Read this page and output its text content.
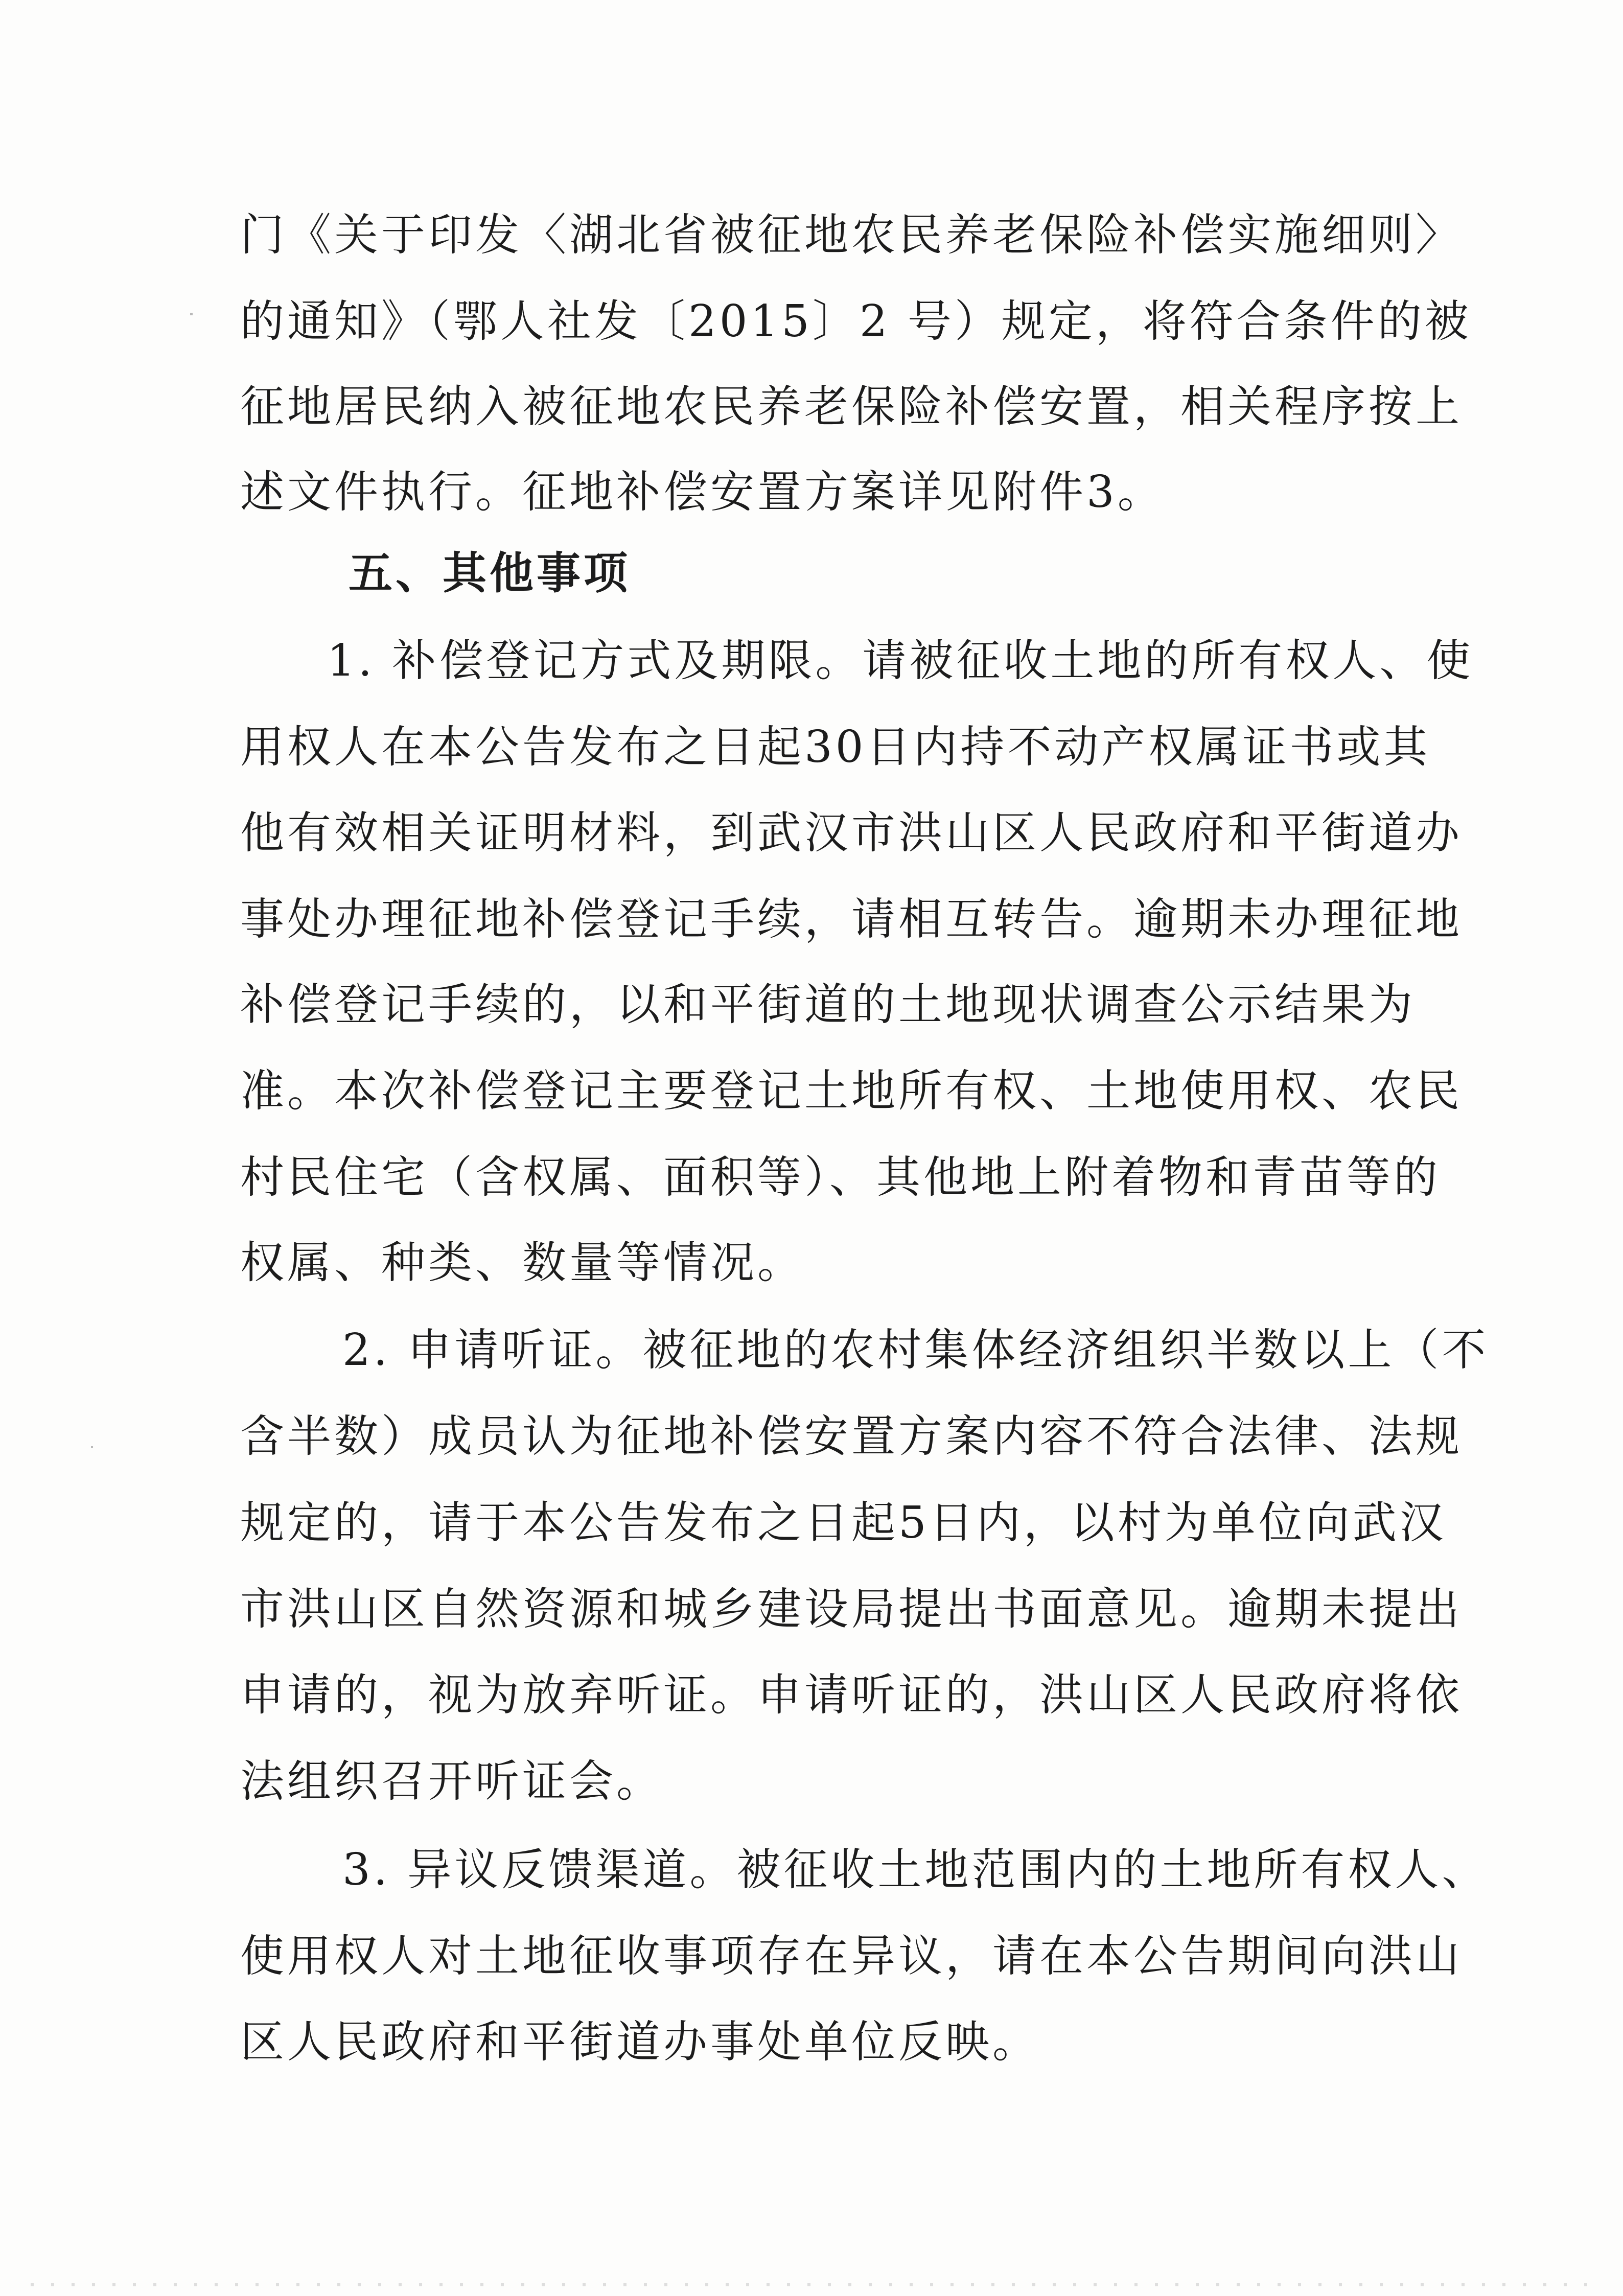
门《关于印发〈湖北省被征地农民养老保险补偿实施细则〉
的通知》（鄂人社发〔2015〕2 号）规定，将符合条件的被
征地居民纳入被征地农民养老保险补偿安置，相关程序按上
述文件执行。征地补偿安置方案详见附件3。
五、其他事项
1. 补偿登记方式及期限。请被征收土地的所有权人、使
用权人在本公告发布之日起30日内持不动产权属证书或其
他有效相关证明材料，到武汉市洪山区人民政府和平街道办
事处办理征地补偿登记手续，请相互转告。逾期未办理征地
补偿登记手续的，以和平街道的土地现状调查公示结果为
准。本次补偿登记主要登记土地所有权、土地使用权、农民
村民住宅（含权属、面积等）、其他地上附着物和青苗等的
权属、种类、数量等情况。
2. 申请听证。被征地的农村集体经济组织半数以上（不
含半数）成员认为征地补偿安置方案内容不符合法律、法规
规定的，请于本公告发布之日起5日内，以村为单位向武汉
市洪山区自然资源和城乡建设局提出书面意见。逾期未提出
申请的，视为放弃听证。申请听证的，洪山区人民政府将依
法组织召开听证会。
3. 异议反馈渠道。被征收土地范围内的土地所有权人、
使用权人对土地征收事项存在异议，请在本公告期间向洪山
区人民政府和平街道办事处单位反映。
